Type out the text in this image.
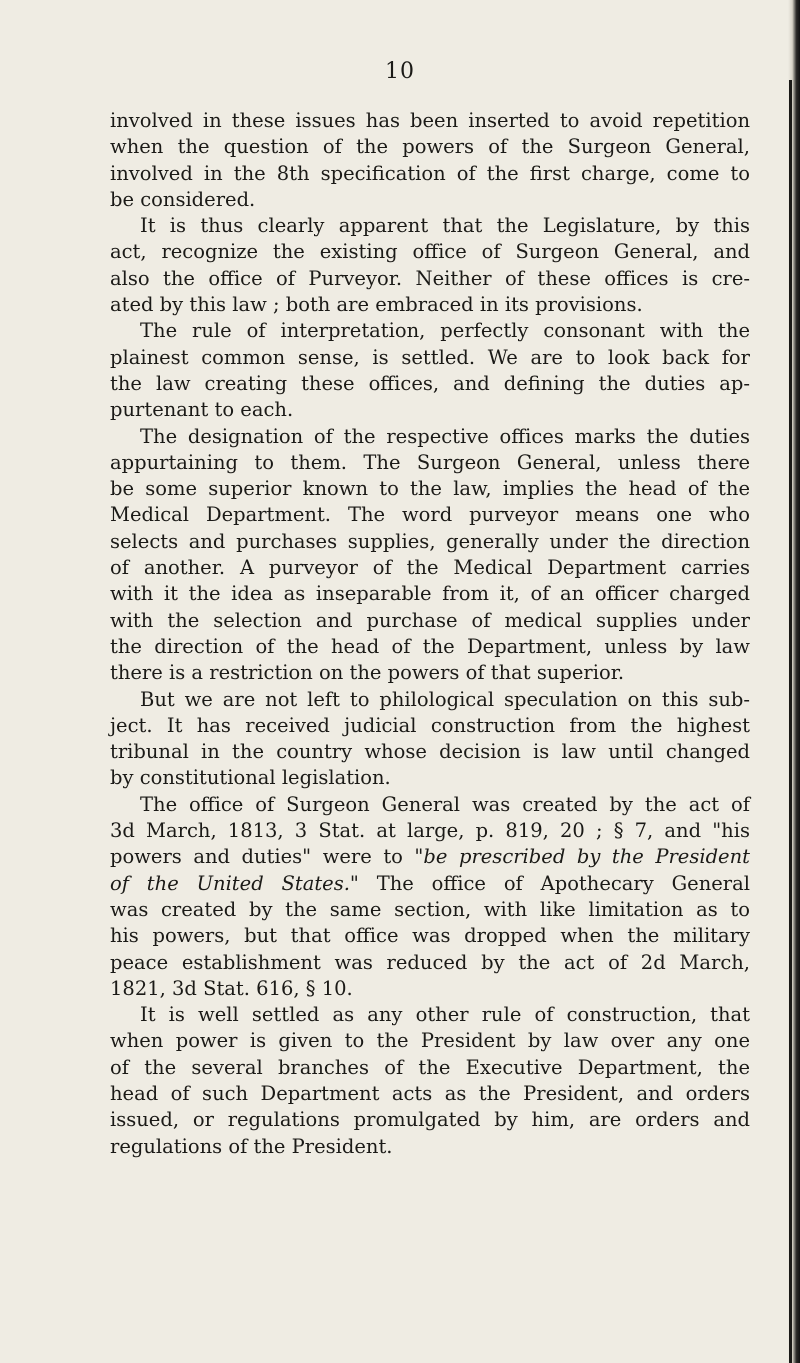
10
involved in these issues has been inserted to avoid repetition
when the question of the powers of the Surgeon General,
involved in the 8th specification of the first charge, come to
be considered.
It is thus clearly apparent that the Legislature, by this
act, recognize the existing office of Surgeon General, and
also the office of Purveyor. Neither of these offices is cre-
ated by this law ; both are embraced in its provisions.
The rule of interpretation, perfectly consonant with the
plainest common sense, is settled. We are to look back for
the law creating these offices, and defining the duties ap-
purtenant to each.
The designation of the respective offices marks the duties
appurtaining to them. The Surgeon General, unless there
be some superior known to the law, implies the head of the
Medical Department. The word purveyor means one who
selects and purchases supplies, generally under the direction
of another. A purveyor of the Medical Department carries
with it the idea as inseparable from it, of an officer charged
with the selection and purchase of medical supplies under
the direction of the head of the Department, unless by law
there is a restriction on the powers of that superior.
But we are not left to philological speculation on this sub-
ject. It has received judicial construction from the highest
tribunal in the country whose decision is law until changed
by constitutional legislation.
The office of Surgeon General was created by the act of
3d March, 1813, 3 Stat. at large, p. 819, 20 ; § 7, and "his
powers and duties" were to "be prescribed by the President
of the United States." The office of Apothecary General
was created by the same section, with like limitation as to
his powers, but that office was dropped when the military
peace establishment was reduced by the act of 2d March,
1821, 3d Stat. 616, § 10.
It is well settled as any other rule of construction, that
when power is given to the President by law over any one
of the several branches of the Executive Department, the
head of such Department acts as the President, and orders
issued, or regulations promulgated by him, are orders and
regulations of the President.
